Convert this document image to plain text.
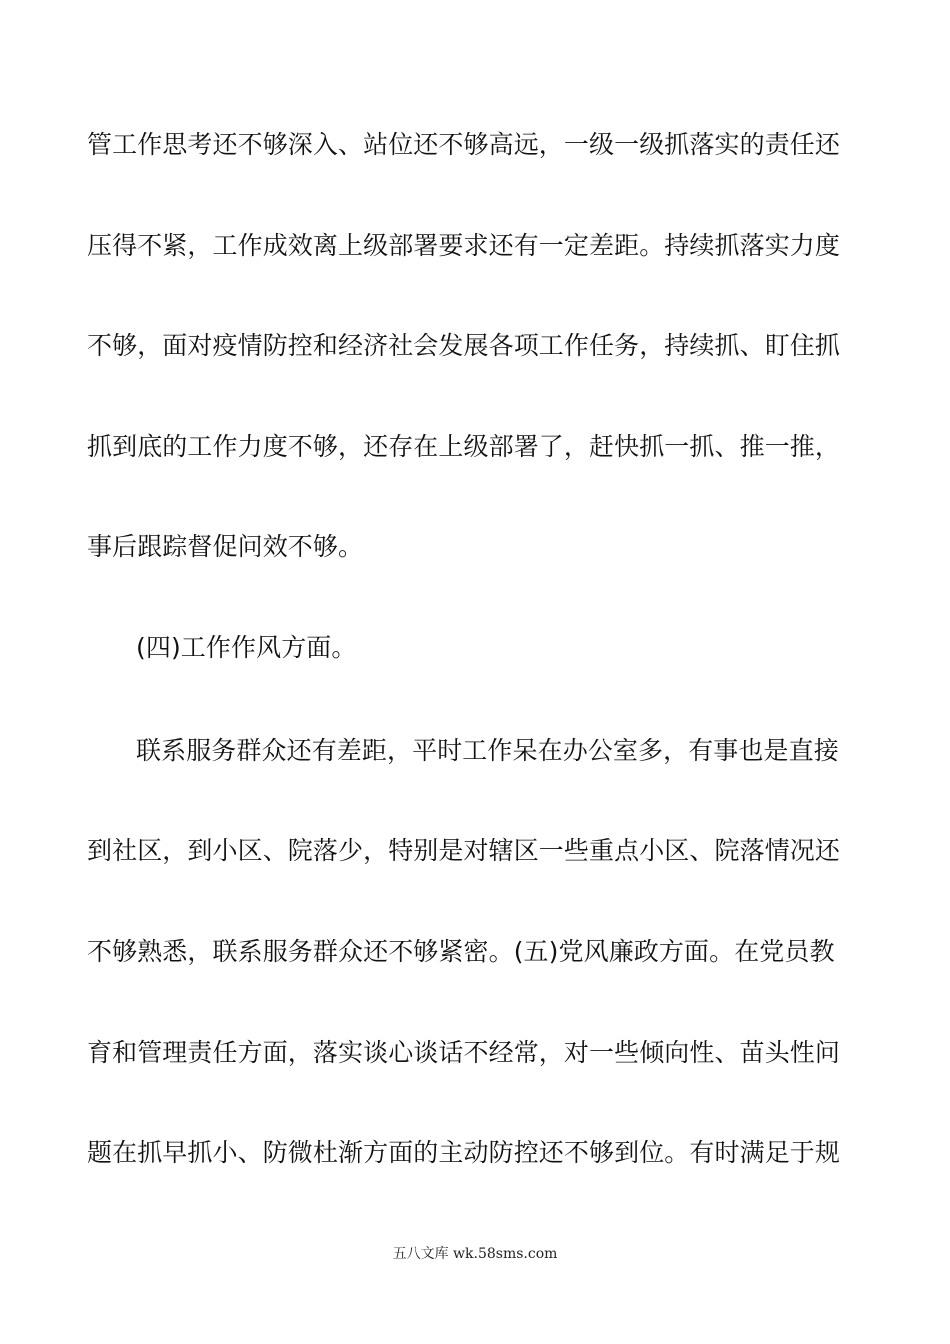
管工作思考还不够深入、站位还不够高远，一级一级抓落实的责任还
压得不紧，工作成效离上级部署要求还有一定差距。持续抓落实力度
不够，面对疫情防控和经济社会发展各项工作任务，持续抓、盯住抓
抓到底的工作力度不够，还存在上级部署了，赶快抓一抓、推一推，
事后跟踪督促问效不够。
(四)工作作风方面。
联系服务群众还有差距，平时工作呆在办公室多，有事也是直接
到社区，到小区、院落少，特别是对辖区一些重点小区、院落情况还
不够熟悉，联系服务群众还不够紧密。(五)党风廉政方面。在党员教
育和管理责任方面，落实谈心谈话不经常，对一些倾向性、苗头性问
题在抓早抓小、防微杜渐方面的主动防控还不够到位。有时满足于规
五八文库 wk.58sms.com
